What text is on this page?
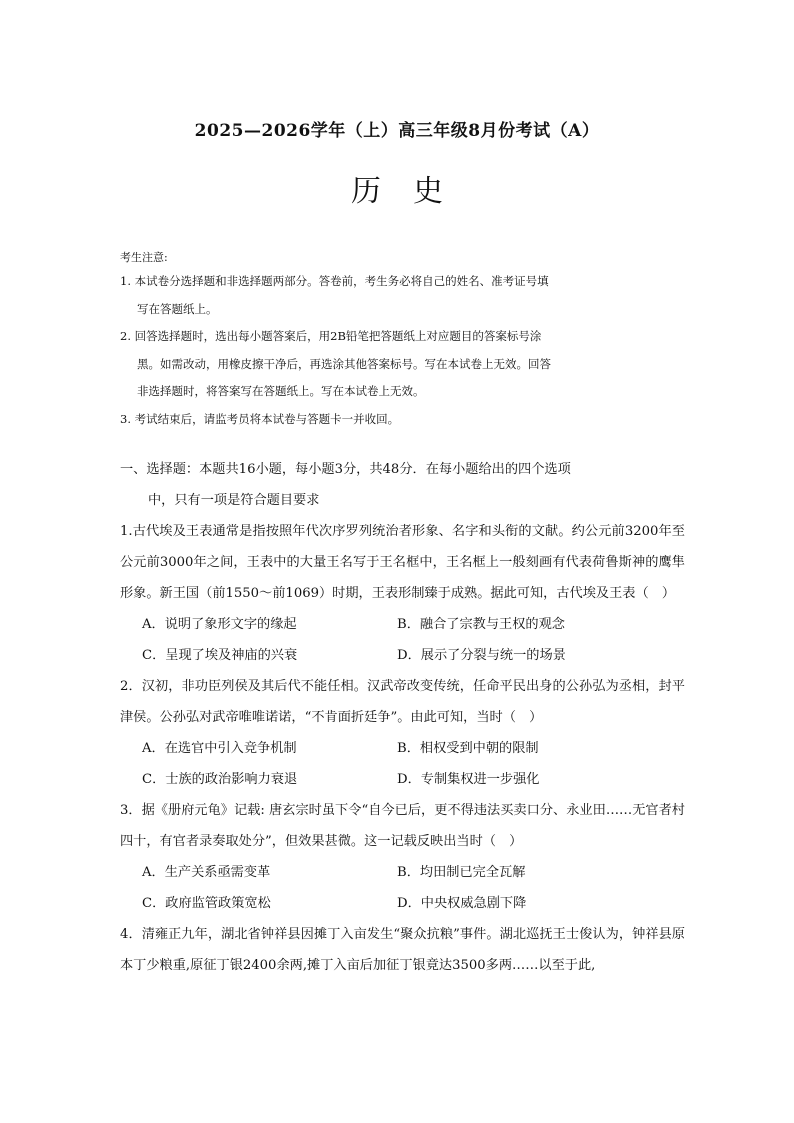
2025—2026学年（上）高三年级8月份考试（A）
历史

考生注意:

1. 本试卷分选择题和非选择题两部分。答卷前，考生务必将自己的姓名、准考证号填
写在答题纸上。

2. 回答选择题时，选出每小题答案后，用2B铅笔把答题纸上对应题目的答案标号涂
黑。如需改动，用橡皮擦干净后，再选涂其他答案标号。写在本试卷上无效。回答
非选择题时，将答案写在答题纸上。写在本试卷上无效。

3. 考试结束后，请监考员将本试卷与答题卡一并收回。

一、选择题：本题共16小题，每小题3分，共48分．在每小题给出的四个选项
中，只有一项是符合题目要求

1.古代埃及王表通常是指按照年代次序罗列统治者形象、名字和头衔的文献。约公元前3200年至公元前3000年之间，王表中的大量王名写于王名框中，王名框上一般刻画有代表荷鲁斯神的鹰隼形象。新王国（前1550～前1069）时期，王表形制臻于成熟。据此可知，古代埃及王表（　）

A．说明了象形文字的缘起	B．融合了宗教与王权的观念
C．呈现了埃及神庙的兴衰	D．展示了分裂与统一的场景

2．汉初，非功臣列侯及其后代不能任相。汉武帝改变传统，任命平民出身的公孙弘为丞相，封平津侯。公孙弘对武帝唯唯诺诺，“不肯面折廷争”。由此可知，当时（　）

A．在选官中引入竞争机制	B．相权受到中朝的限制
C．士族的政治影响力衰退	D．专制集权进一步强化

3．据《册府元龟》记载: 唐玄宗时虽下令“自今已后，更不得违法买卖口分、永业田……无官者村四十，有官者录奏取处分”，但效果甚微。这一记载反映出当时（　）

A．生产关系亟需变革	B．均田制已完全瓦解
C．政府监管政策宽松	D．中央权威急剧下降

4．清雍正九年，湖北省钟祥县因摊丁入亩发生“聚众抗粮”事件。湖北巡抚王士俊认为，钟祥县原本丁少粮重,原征丁银2400余两,摊丁入亩后加征丁银竟达3500多两……以至于此,
